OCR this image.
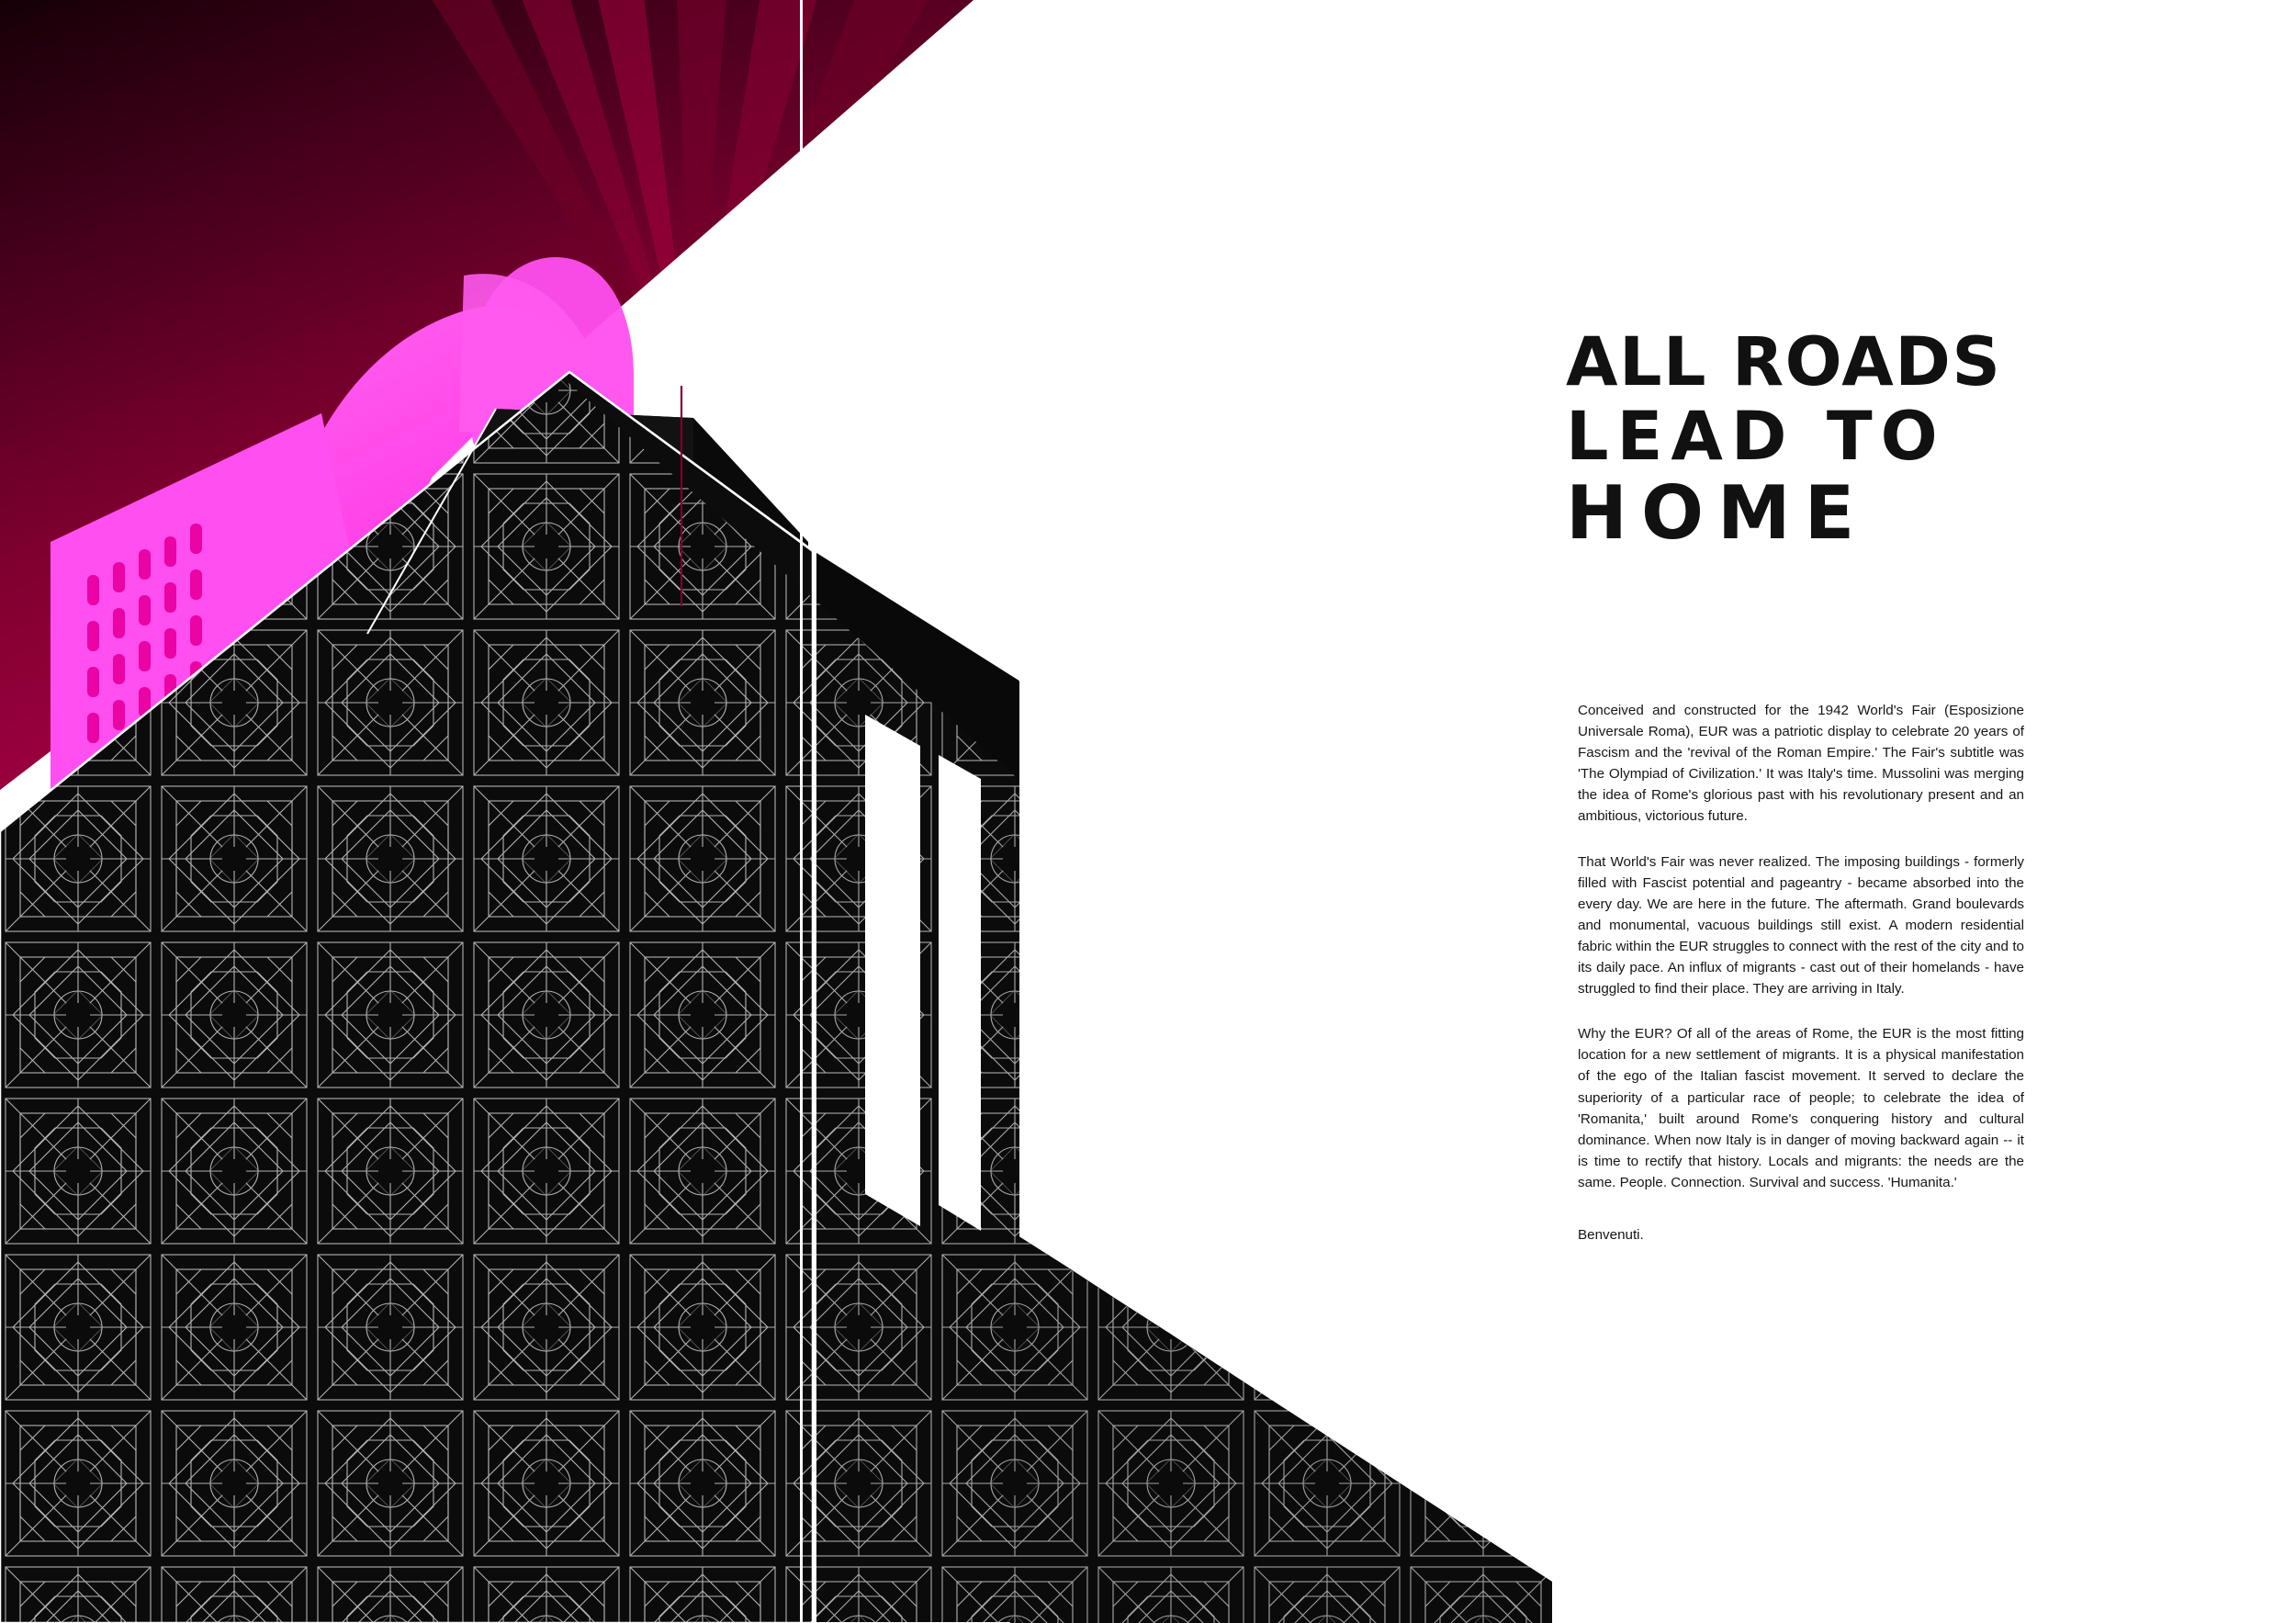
ALL ROADS
LEAD TO
HOME

Conceived and constructed for the 1942 World's Fair (Esposizione Universale Roma), EUR was a patriotic display to celebrate 20 years of Fascism and the 'revival of the Roman Empire.' The Fair's subtitle was 'The Olympiad of Civilization.' It was Italy's time. Mussolini was merging the idea of Rome's glorious past with his revolutionary present and an ambitious, victorious future.

That World's Fair was never realized. The imposing buildings - formerly filled with Fascist potential and pageantry - became absorbed into the every day. We are here in the future. The aftermath. Grand boulevards and monumental, vacuous buildings still exist. A modern residential fabric within the EUR struggles to connect with the rest of the city and to its daily pace. An influx of migrants - cast out of their homelands - have struggled to find their place. They are arriving in Italy.

Why the EUR? Of all of the areas of Rome, the EUR is the most fitting location for a new settlement of migrants. It is a physical manifestation of the ego of the Italian fascist movement. It served to declare the superiority of a particular race of people; to celebrate the idea of 'Romanita,' built around Rome's conquering history and cultural dominance. When now Italy is in danger of moving backward again -- it is time to rectify that history. Locals and migrants: the needs are the same. People. Connection. Survival and success. 'Humanita.'

Benvenuti.
